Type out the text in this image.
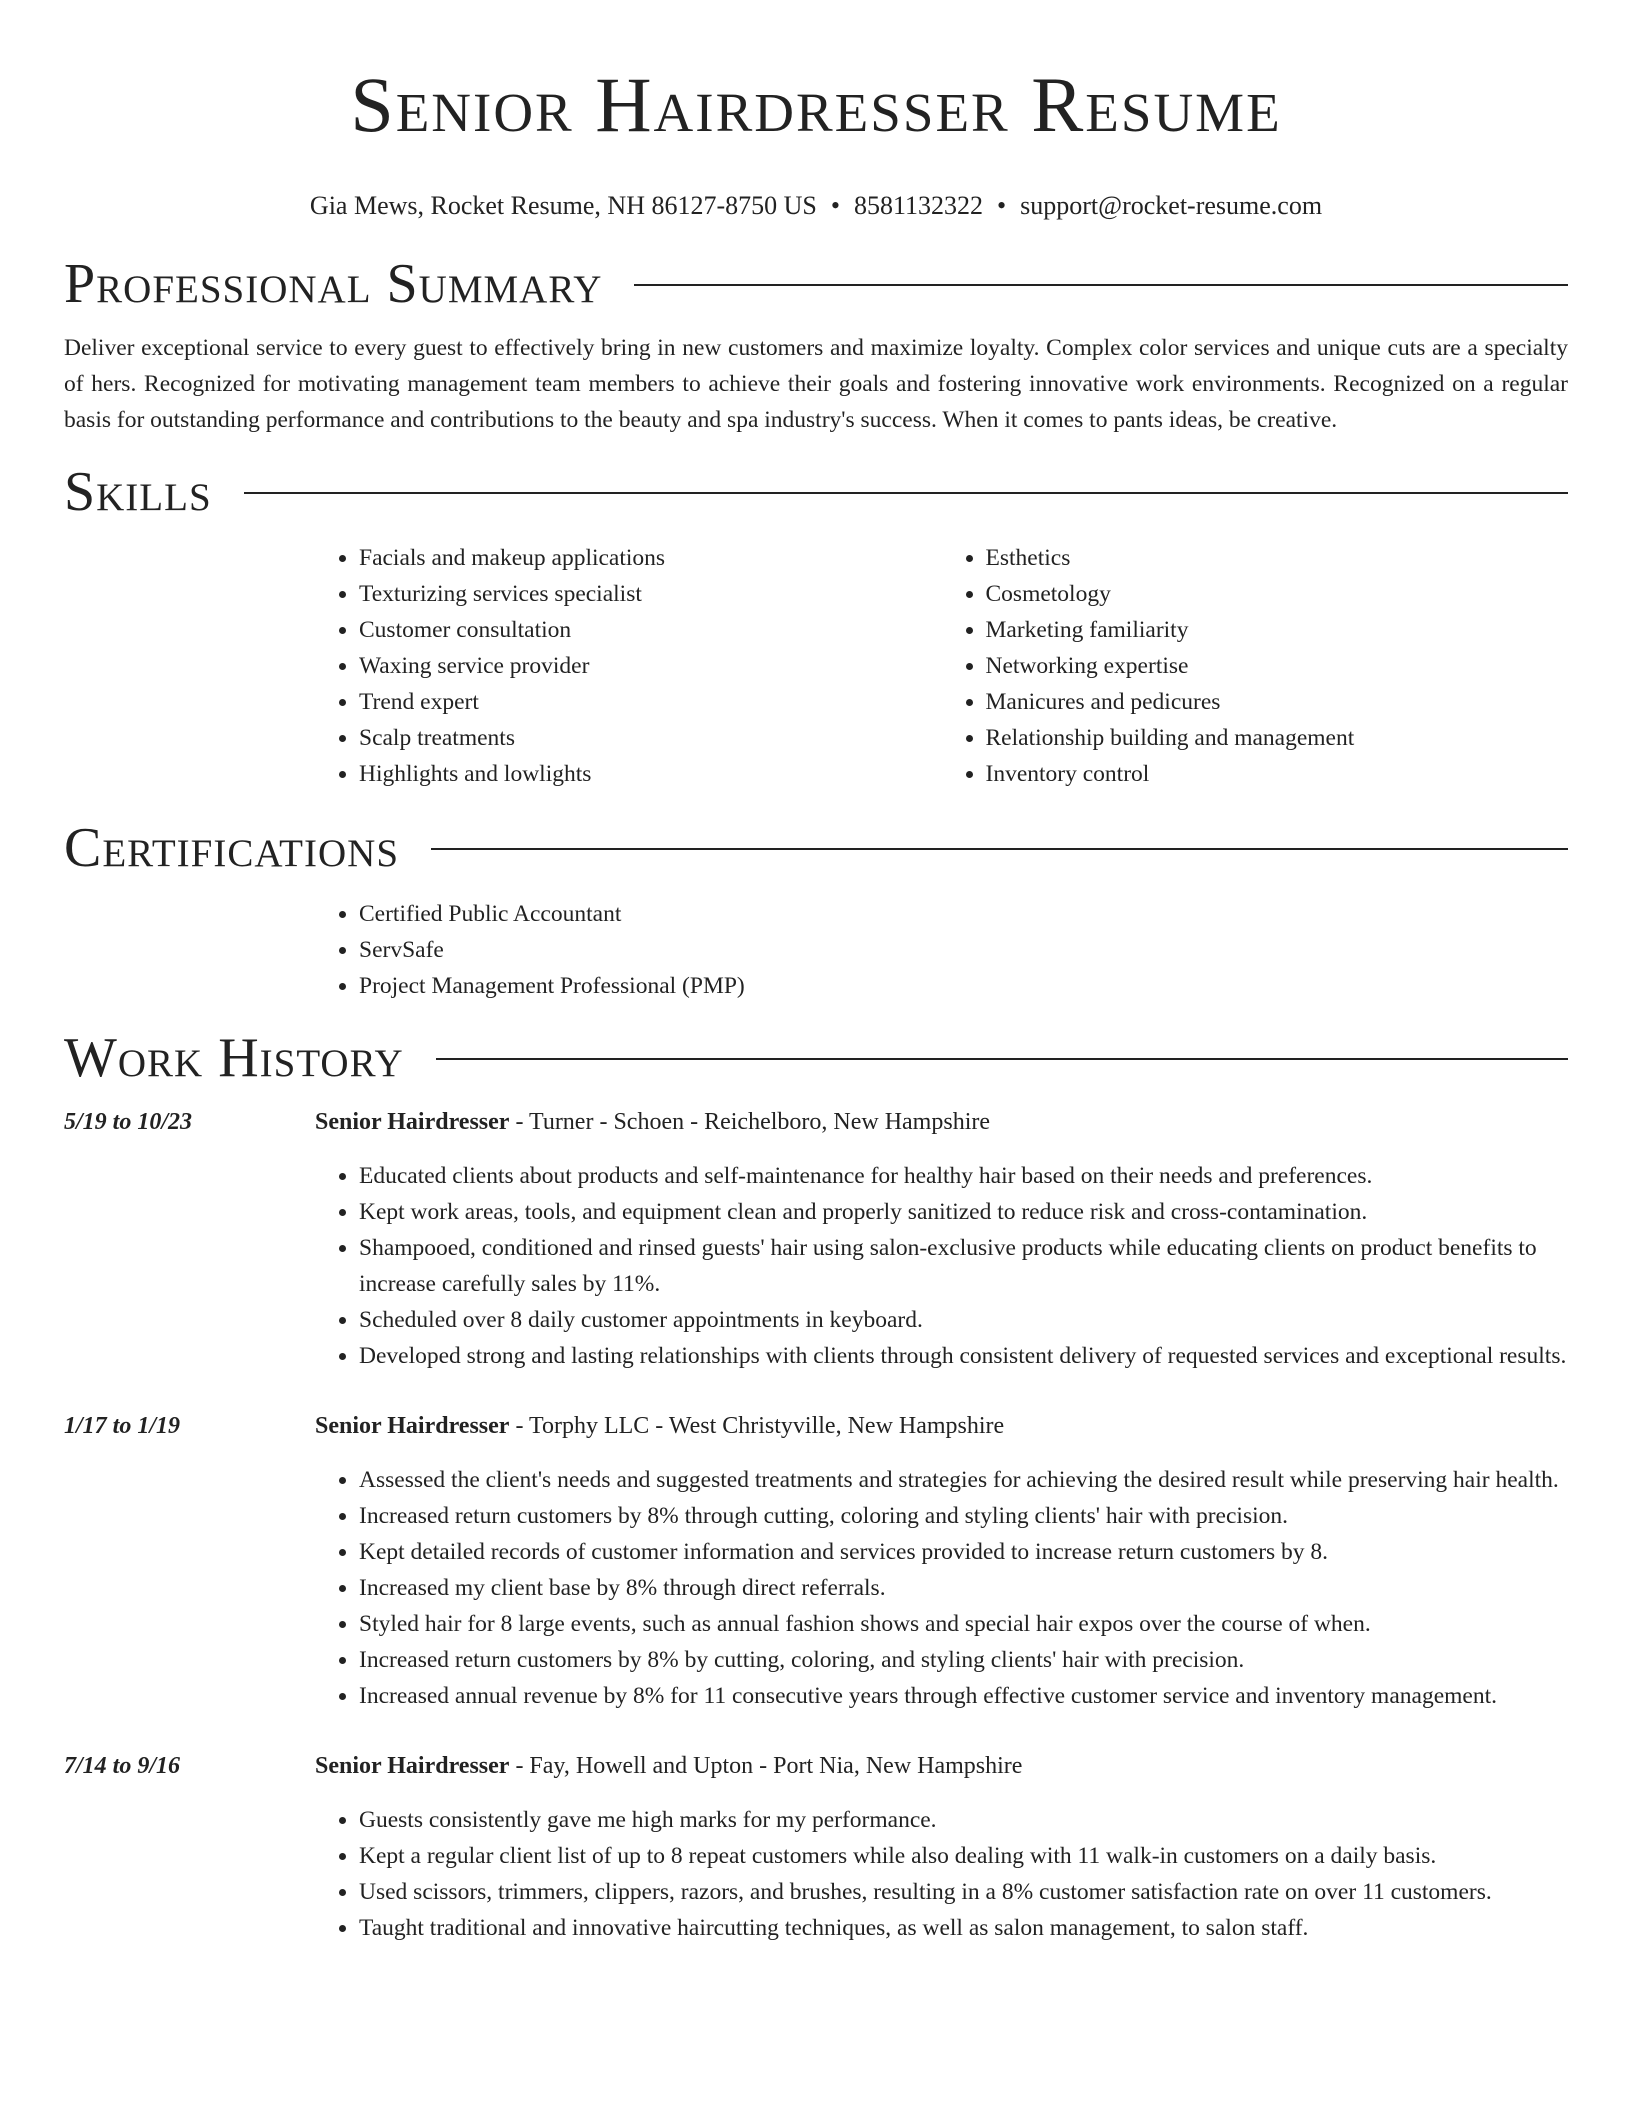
Senior Hairdresser Resume
Gia Mews, Rocket Resume, NH 86127-8750 US • 8581132322 • support@rocket-resume.com
Professional Summary

Deliver exceptional service to every guest to effectively bring in new customers and maximize loyalty. Complex color services and unique cuts are a specialty of hers. Recognized for motivating management team members to achieve their goals and fostering innovative work environments. Recognized on a regular basis for outstanding performance and contributions to the beauty and spa industry's success. When it comes to pants ideas, be creative.

Skills
• Facials and makeup applications
• Texturizing services specialist
• Customer consultation
• Waxing service provider
• Trend expert
• Scalp treatments
• Highlights and lowlights
• Esthetics
• Cosmetology
• Marketing familiarity
• Networking expertise
• Manicures and pedicures
• Relationship building and management
• Inventory control
Certifications
• Certified Public Accountant
• ServSafe
• Project Management Professional (PMP)
Work History
5/19 to 10/23	Senior Hairdresser - Turner - Schoen - Reichelboro, New Hampshire
• Educated clients about products and self-maintenance for healthy hair based on their needs and preferences.
• Kept work areas, tools, and equipment clean and properly sanitized to reduce risk and cross-contamination.
• Shampooed, conditioned and rinsed guests' hair using salon-exclusive products while educating clients on product benefits to increase carefully sales by 11%.
• Scheduled over 8 daily customer appointments in keyboard.
• Developed strong and lasting relationships with clients through consistent delivery of requested services and exceptional results.
1/17 to 1/19	Senior Hairdresser - Torphy LLC - West Christyville, New Hampshire
• Assessed the client's needs and suggested treatments and strategies for achieving the desired result while preserving hair health.
• Increased return customers by 8% through cutting, coloring and styling clients' hair with precision.
• Kept detailed records of customer information and services provided to increase return customers by 8.
• Increased my client base by 8% through direct referrals.
• Styled hair for 8 large events, such as annual fashion shows and special hair expos over the course of when.
• Increased return customers by 8% by cutting, coloring, and styling clients' hair with precision.
• Increased annual revenue by 8% for 11 consecutive years through effective customer service and inventory management.
7/14 to 9/16	Senior Hairdresser - Fay, Howell and Upton - Port Nia, New Hampshire
• Guests consistently gave me high marks for my performance.
• Kept a regular client list of up to 8 repeat customers while also dealing with 11 walk-in customers on a daily basis.
• Used scissors, trimmers, clippers, razors, and brushes, resulting in a 8% customer satisfaction rate on over 11 customers.
• Taught traditional and innovative haircutting techniques, as well as salon management, to salon staff.
